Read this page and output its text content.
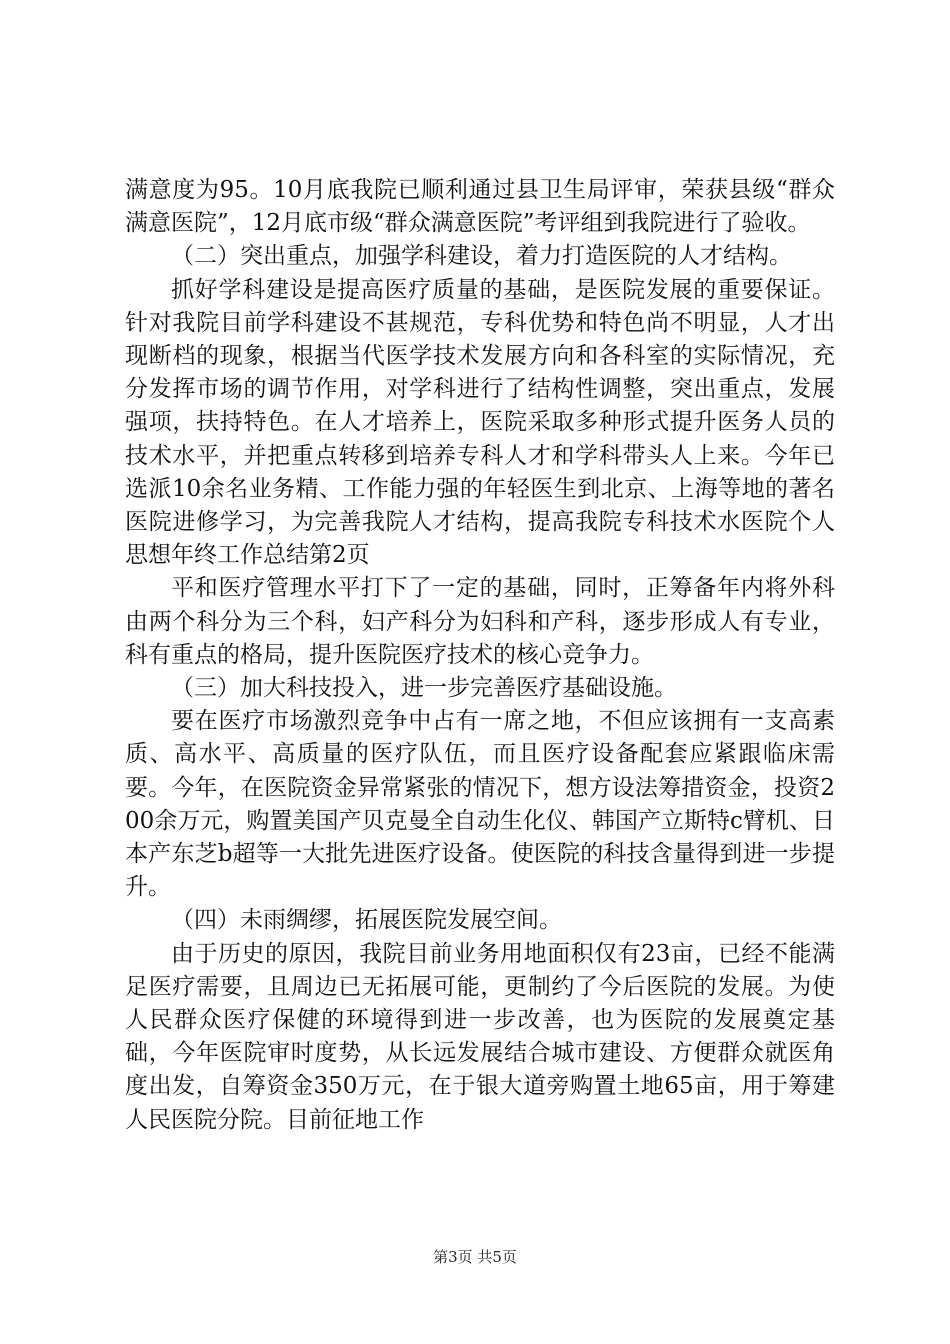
满意度为95。10月底我院已顺利通过县卫生局评审，荣获县级“群众满意医院”，12月底市级“群众满意医院”考评组到我院进行了验收。

（二）突出重点，加强学科建设，着力打造医院的人才结构。

抓好学科建设是提高医疗质量的基础，是医院发展的重要保证。针对我院目前学科建设不甚规范，专科优势和特色尚不明显，人才出现断档的现象，根据当代医学技术发展方向和各科室的实际情况，充分发挥市场的调节作用，对学科进行了结构性调整，突出重点，发展强项，扶持特色。在人才培养上，医院采取多种形式提升医务人员的技术水平，并把重点转移到培养专科人才和学科带头人上来。今年已选派10余名业务精、工作能力强的年轻医生到北京、上海等地的著名医院进修学习，为完善我院人才结构，提高我院专科技术水医院个人思想年终工作总结第2页

平和医疗管理水平打下了一定的基础，同时，正筹备年内将外科由两个科分为三个科，妇产科分为妇科和产科，逐步形成人有专业，科有重点的格局，提升医院医疗技术的核心竞争力。

（三）加大科技投入，进一步完善医疗基础设施。

要在医疗市场激烈竞争中占有一席之地，不但应该拥有一支高素质、高水平、高质量的医疗队伍，而且医疗设备配套应紧跟临床需要。今年，在医院资金异常紧张的情况下，想方设法筹措资金，投资200余万元，购置美国产贝克曼全自动生化仪、韩国产立斯特c臂机、日本产东芝b超等一大批先进医疗设备。使医院的科技含量得到进一步提升。

（四）未雨绸缪，拓展医院发展空间。

由于历史的原因，我院目前业务用地面积仅有23亩，已经不能满足医疗需要，且周边已无拓展可能，更制约了今后医院的发展。为使人民群众医疗保健的环境得到进一步改善，也为医院的发展奠定基础，今年医院审时度势，从长远发展结合城市建设、方便群众就医角度出发，自筹资金350万元，在于银大道旁购置土地65亩，用于筹建人民医院分院。目前征地工作

第3页 共5页
